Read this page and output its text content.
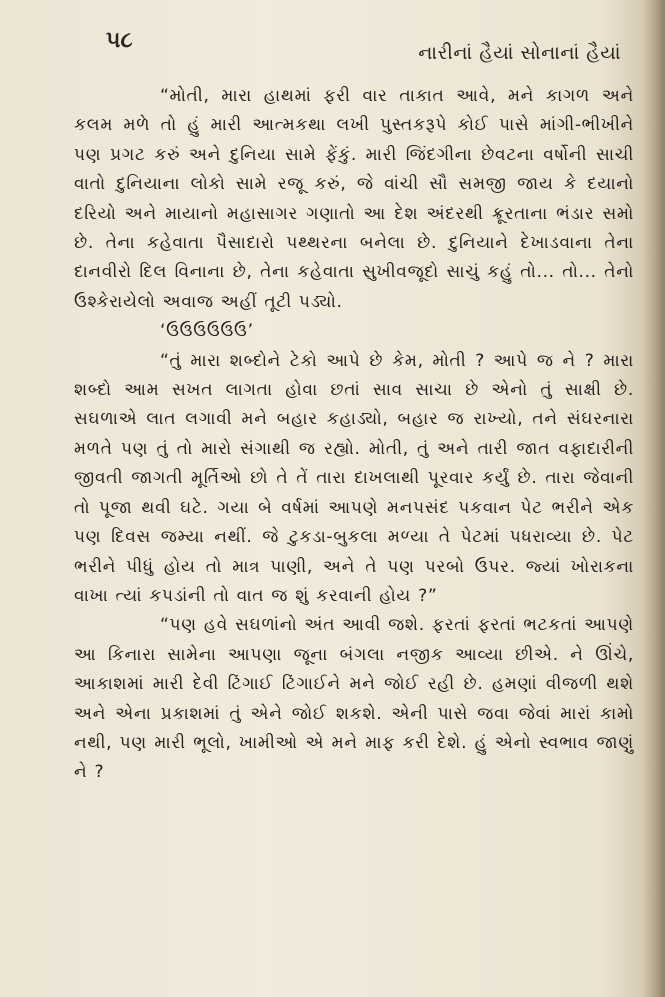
૫૮	નારીનાં હૈયાં સોનાનાં હૈયાં

“મોતી, મારા હાથમાં ફરી વાર તાકાત આવે, મને કાગળ અને કલમ મળે તો હું મારી આત્મકથા લખી પુસ્તકરૂપે કોઈ પાસે માંગી-ભીખીને પણ પ્રગટ કરું અને દુનિયા સામે ફેંકું. મારી જિંદગીના છેવટના વર્ષોની સાચી વાતો દુનિયાના લોકો સામે રજૂ કરું, જે વાંચી સૌ સમજી જાય કે દયાનો દરિયો અને માયાનો મહાસાગર ગણાતો આ દેશ અંદરથી ક્રૂરતાના ભંડાર સમો છે. તેના કહેવાતા પૈસાદારો પથ્થરના બનેલા છે. દુનિયાને દેખાડવાના તેના દાનવીરો દિલ વિનાના છે, તેના કહેવાતા સુખીવજૂદો સાચું કહું તો... તો... તેનો ઉશ્કેરાયેલો અવાજ અહીં તૂટી પડ્યો.

‘ઉઉઉઉઉઉ’

“તું મારા શબ્દોને ટેકો આપે છે કેમ, મોતી ? આપે જ ને ? મારા શબ્દો આમ સખત લાગતા હોવા છતાં સાવ સાચા છે એનો તું સાક્ષી છે. સઘળાએ લાત લગાવી મને બહાર કહાડ્યો, બહાર જ રાખ્યો, તને સંઘરનારા મળતે પણ તું તો મારો સંગાથી જ રહ્યો. મોતી, તું અને તારી જાત વફાદારીની જીવતી જાગતી મૂર્તિઓ છો તે તેં તારા દાખલાથી પૂરવાર કર્યું છે. તારા જેવાની તો પૂજા થવી ઘટે. ગયા બે વર્ષમાં આપણે મનપસંદ પકવાન પેટ ભરીને એક પણ દિવસ જમ્યા નથીં. જે ટુકડા-બુકલા મળ્યા તે પેટમાં પધરાવ્યા છે. પેટ ભરીને પીધું હોય તો માત્ર પાણી, અને તે પણ પરબો ઉપર. જ્યાં ખોરાકના વાખા ત્યાં કપડાંની તો વાત જ શું કરવાની હોય ?”

“પણ હવે સઘળાંનો અંત આવી જશે. ફરતાં ફરતાં ભટકતાં આપણે આ કિનારા સામેના આપણા જૂના બંગલા નજીક આવ્યા છીએ. ને ઊંચે, આકાશમાં મારી દેવી ટિંગાઈ ટિંગાઈને મને જોઈ રહી છે. હમણાં વીજળી થશે અને એના પ્રકાશમાં તું એને જોઈ શકશે. એની પાસે જવા જેવાં મારાં કામો નથી, પણ મારી ભૂલો, ખામીઓ એ મને માફ કરી દેશે. હું એનો સ્વભાવ જાણું ને ?
